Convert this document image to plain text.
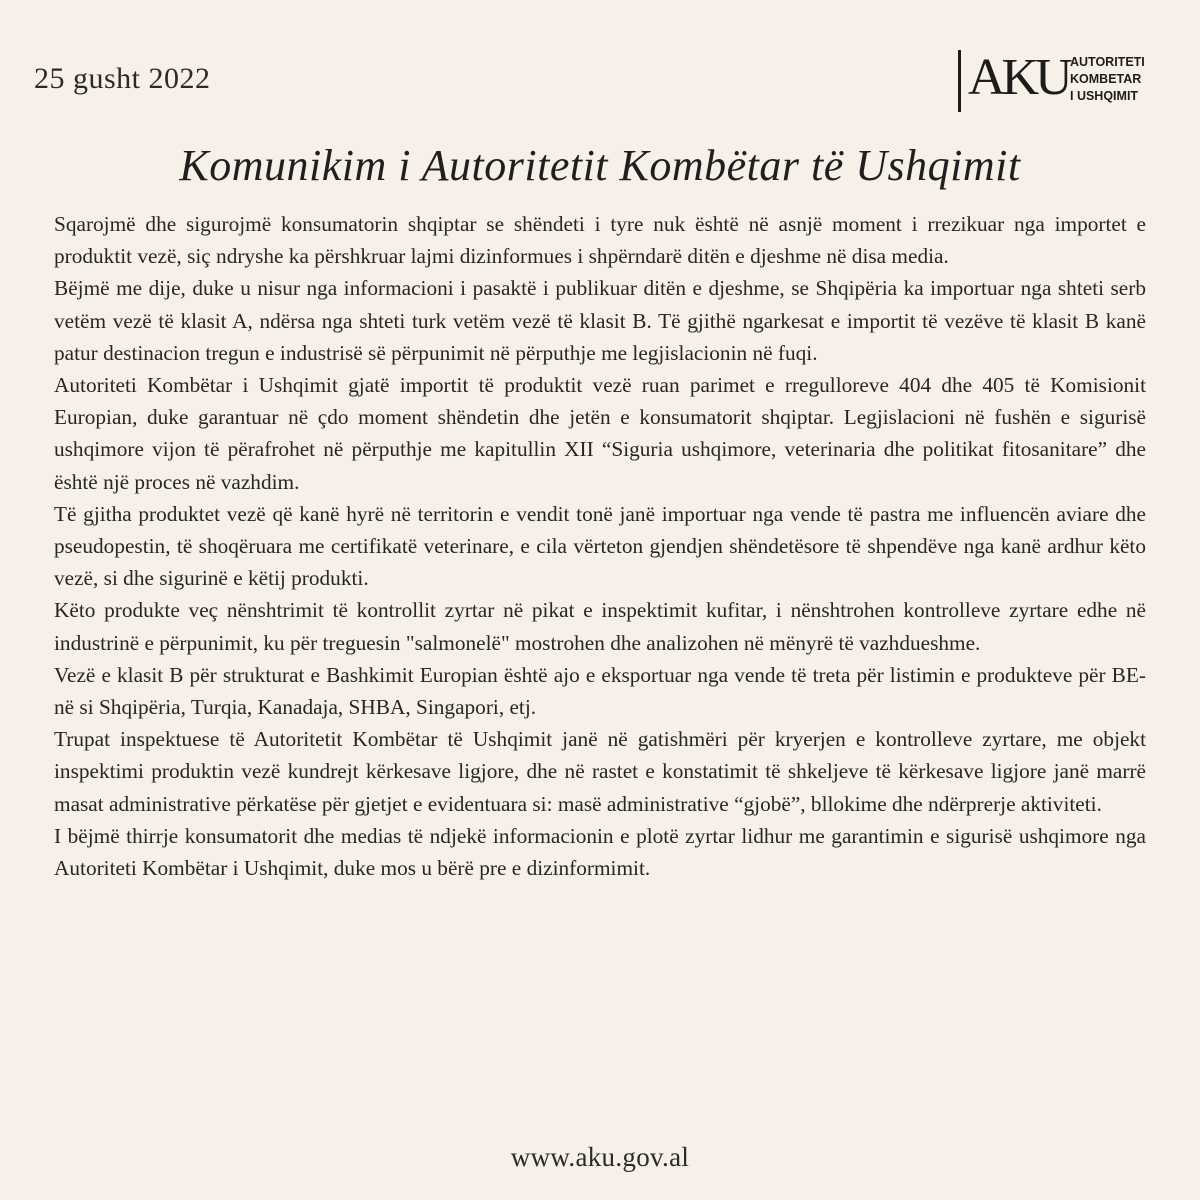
25 gusht 2022	AKU AUTORITETI
KOMBETAR
I USHQIMIT
Komunikim i Autoritetit Kombëtar të Ushqimit

Sqarojmë dhe sigurojmë konsumatorin shqiptar se shëndeti i tyre nuk është në asnjë moment i rrezikuar nga importet e produktit vezë, siç ndryshe ka përshkruar lajmi dizinformues i shpërndarë ditën e djeshme në disa media.

Bëjmë me dije, duke u nisur nga informacioni i pasaktë i publikuar ditën e djeshme, se Shqipëria ka importuar nga shteti serb vetëm vezë të klasit A, ndërsa nga shteti turk vetëm vezë të klasit B. Të gjithë ngarkesat e importit të vezëve të klasit B kanë patur destinacion tregun e industrisë së përpunimit në përputhje me legjislacionin në fuqi.

Autoriteti Kombëtar i Ushqimit gjatë importit të produktit vezë ruan parimet e rregulloreve 404 dhe 405 të Komisionit Europian, duke garantuar në çdo moment shëndetin dhe jetën e konsumatorit shqiptar. Legjislacioni në fushën e sigurisë ushqimore vijon të përafrohet në përputhje me kapitullin XII “Siguria ushqimore, veterinaria dhe politikat fitosanitare” dhe është një proces në vazhdim.

Të gjitha produktet vezë që kanë hyrë në territorin e vendit tonë janë importuar nga vende të pastra me influencën aviare dhe pseudopestin, të shoqëruara me certifikatë veterinare, e cila vërteton gjendjen shëndetësore të shpendëve nga kanë ardhur këto vezë, si dhe sigurinë e këtij produkti.

Këto produkte veç nënshtrimit të kontrollit zyrtar në pikat e inspektimit kufitar, i nënshtrohen kontrolleve zyrtare edhe në industrinë e përpunimit, ku për treguesin "salmonelë" mostrohen dhe analizohen në mënyrë të vazhdueshme.

Vezë e klasit B për strukturat e Bashkimit Europian është ajo e eksportuar nga vende të treta për listimin e produkteve për BE-në si Shqipëria, Turqia, Kanadaja, SHBA, Singapori, etj.

Trupat inspektuese të Autoritetit Kombëtar të Ushqimit janë në gatishmëri për kryerjen e kontrolleve zyrtare, me objekt inspektimi produktin vezë kundrejt kërkesave ligjore, dhe në rastet e konstatimit të shkeljeve të kërkesave ligjore janë marrë masat administrative përkatëse për gjetjet e evidentuara si: masë administrative “gjobë”, bllokime dhe ndërprerje aktiviteti.

I bëjmë thirrje konsumatorit dhe medias të ndjekë informacionin e plotë zyrtar lidhur me garantimin e sigurisë ushqimore nga Autoriteti Kombëtar i Ushqimit, duke mos u bërë pre e dizinformimit.

www.aku.gov.al
